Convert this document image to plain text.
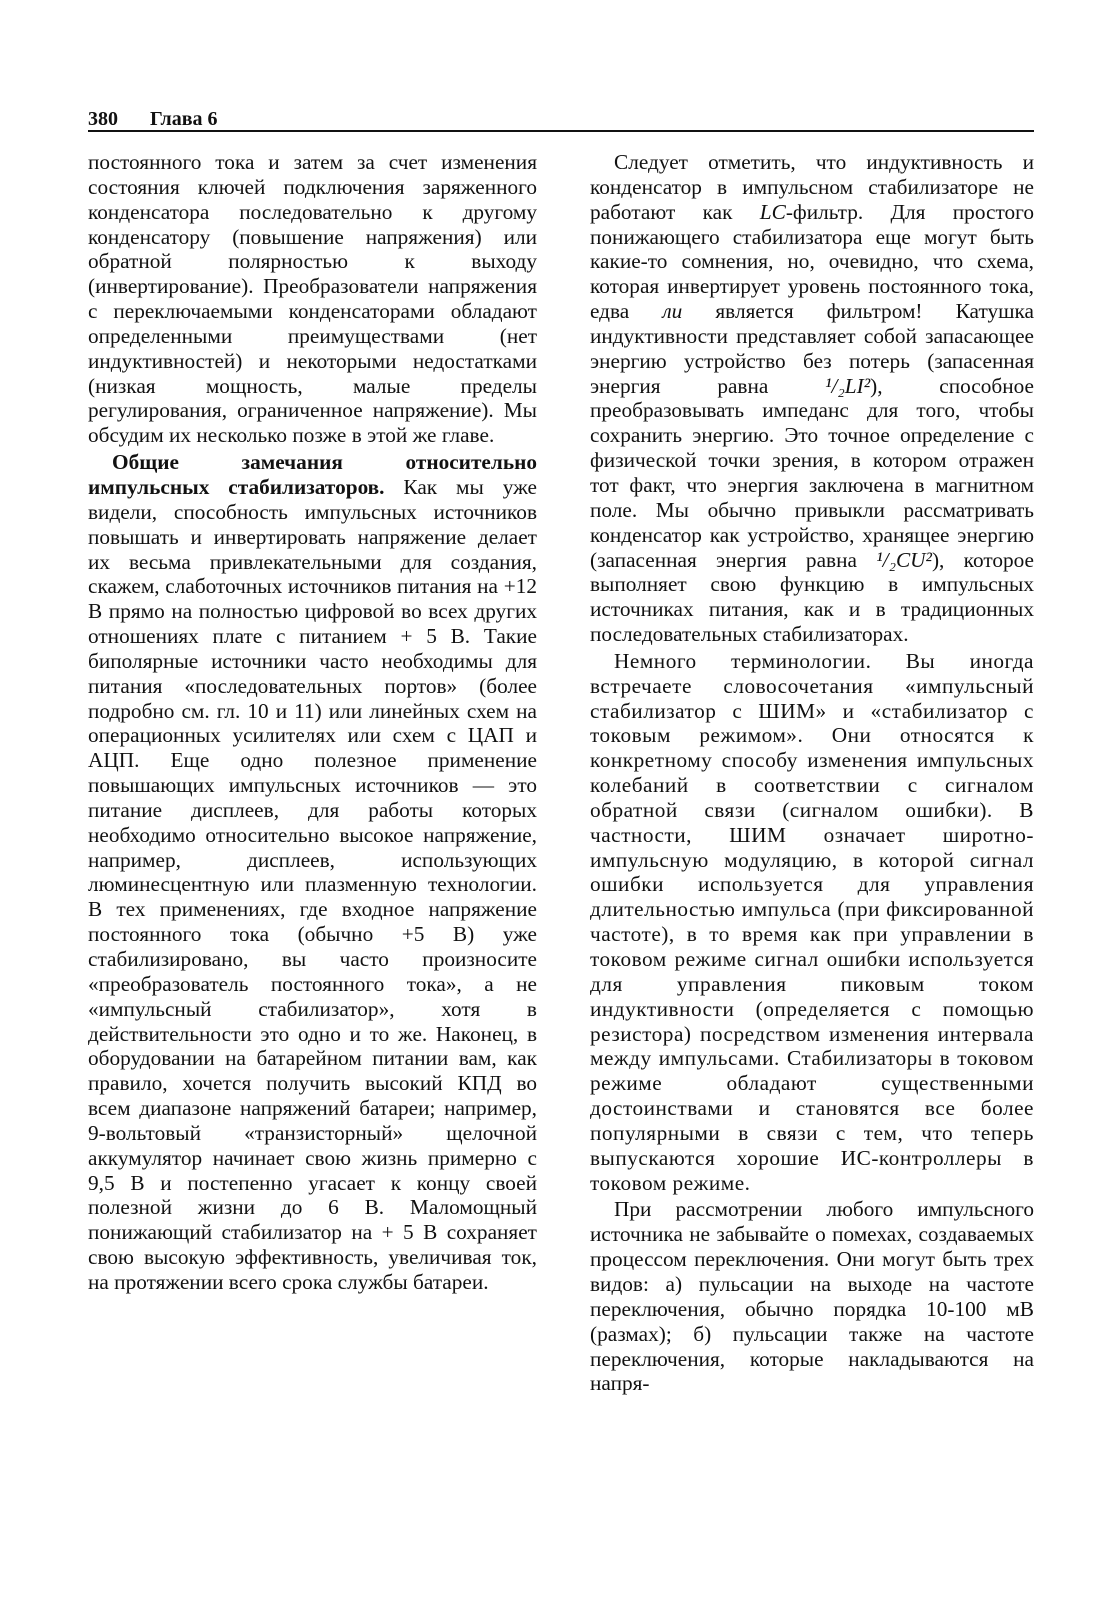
380 Глава 6

постоянного тока и затем за счет изменения состояния ключей подключения заряженного конденсатора последовательно к другому конденсатору (повышение напряжения) или обратной полярностью к выходу (инвертирование). Преобразователи напряжения с переключаемыми конденсаторами обладают определенными преимуществами (нет индуктивностей) и некоторыми недостатками (низкая мощность, малые пределы регулирования, ограниченное напряжение). Мы обсудим их несколько позже в этой же главе.

Общие замечания относительно импульсных стабилизаторов. Как мы уже видели, способность импульсных источников повышать и инвертировать напряжение делает их весьма привлекательными для создания, скажем, слаботочных источников питания на +12 В прямо на полностью цифровой во всех других отношениях плате с питанием + 5 В. Такие биполярные источники часто необходимы для питания «последовательных портов» (более подробно см. гл. 10 и 11) или линейных схем на операционных усилителях или схем с ЦАП и АЦП. Еще одно полезное применение повышающих импульсных источников — это питание дисплеев, для работы которых необходимо относительно высокое напряжение, например, дисплеев, использующих люминесцентную или плазменную технологии. В тех применениях, где входное напряжение постоянного тока (обычно +5 В) уже стабилизировано, вы часто произносите «преобразователь постоянного тока», а не «импульсный стабилизатор», хотя в действительности это одно и то же. Наконец, в оборудовании на батарейном питании вам, как правило, хочется получить высокий КПД во всем диапазоне напряжений батареи; например, 9-вольтовый «транзисторный» щелочной аккумулятор начинает свою жизнь примерно с 9,5 В и постепенно угасает к концу своей полезной жизни до 6 В. Маломощный понижающий стабилизатор на + 5 В сохраняет свою высокую эффективность, увеличивая ток, на протяжении всего срока службы батареи.

Следует отметить, что индуктивность и конденсатор в импульсном стабилизаторе не работают как LC-фильтр. Для простого понижающего стабилизатора еще могут быть какие-то сомнения, но, очевидно, что схема, которая инвертирует уровень постоянного тока, едва ли является фильтром! Катушка индуктивности представляет собой запасающее энергию устройство без потерь (запасенная энергия равна ¹/₂LI²), способное преобразовывать импеданс для того, чтобы сохранить энергию. Это точное определение с физической точки зрения, в котором отражен тот факт, что энергия заключена в магнитном поле. Мы обычно привыкли рассматривать конденсатор как устройство, хранящее энергию (запасенная энергия равна ¹/₂CU²), которое выполняет свою функцию в импульсных источниках питания, как и в традиционных последовательных стабилизаторах.

Немного терминологии. Вы иногда встречаете словосочетания «импульсный стабилизатор с ШИМ» и «стабилизатор с токовым режимом». Они относятся к конкретному способу изменения импульсных колебаний в соответствии с сигналом обратной связи (сигналом ошибки). В частности, ШИМ означает широтно-импульсную модуляцию, в которой сигнал ошибки используется для управления длительностью импульса (при фиксированной частоте), в то время как при управлении в токовом режиме сигнал ошибки используется для управления пиковым током индуктивности (определяется с помощью резистора) посредством изменения интервала между импульсами. Стабилизаторы в токовом режиме обладают существенными достоинствами и становятся все более популярными в связи с тем, что теперь выпускаются хорошие ИС-контроллеры в токовом режиме.

При рассмотрении любого импульсного источника не забывайте о помехах, создаваемых процессом переключения. Они могут быть трех видов: а) пульсации на выходе на частоте переключения, обычно порядка 10-100 мВ (размах); б) пульсации также на частоте переключения, которые накладываются на напря-
